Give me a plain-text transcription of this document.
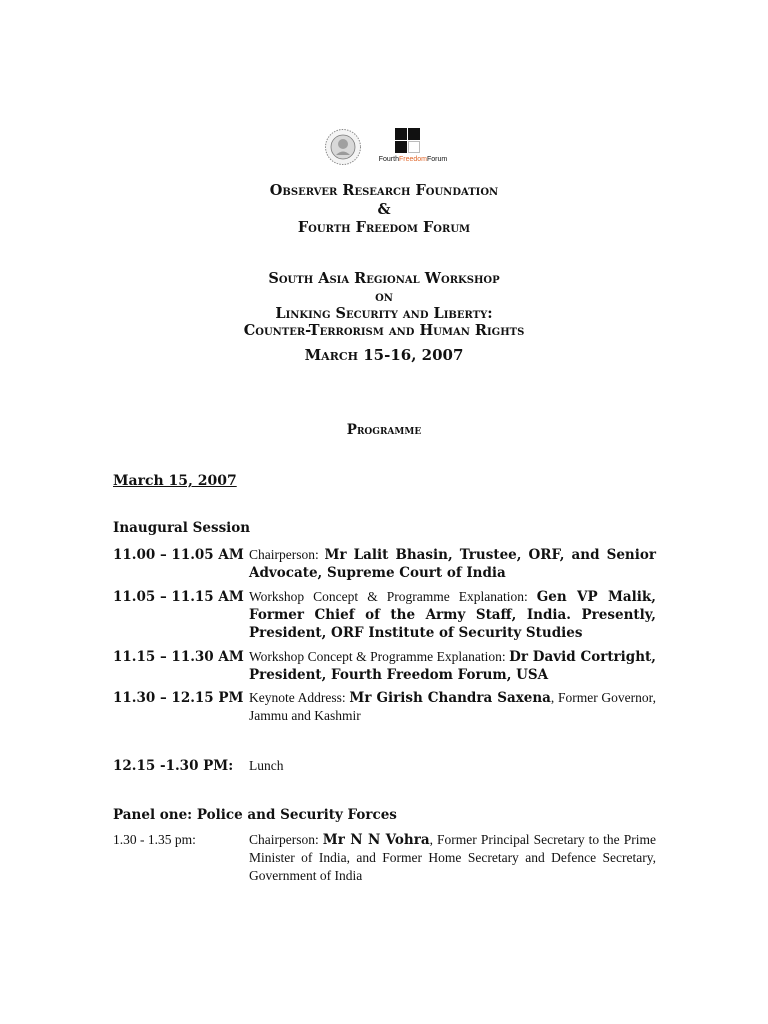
FourthFreedomForum
Observer Research Foundation
&
Fourth Freedom Forum
South Asia Regional Workshop
on
Linking Security and Liberty:
Counter-Terrorism and Human Rights
March 15-16, 2007
Programme
March 15, 2007
Inaugural Session
11.00 – 11.05 AM Chairperson: Mr Lalit Bhasin, Trustee, ORF, and Senior Advocate, Supreme Court of India
11.05 – 11.15 AM Workshop Concept & Programme Explanation: Gen VP Malik, Former Chief of the Army Staff, India. Presently, President, ORF Institute of Security Studies
11.15 – 11.30 AM Workshop Concept & Programme Explanation: Dr David Cortright, President, Fourth Freedom Forum, USA
11.30 – 12.15 PM Keynote Address: Mr Girish Chandra Saxena, Former Governor, Jammu and Kashmir
12.15 -1.30 PM:	Lunch
Panel one: Police and Security Forces
1.30 - 1.35 pm:	Chairperson: Mr N N Vohra, Former Principal Secretary to the Prime Minister of India, and Former Home Secretary and Defence Secretary, Government of India
